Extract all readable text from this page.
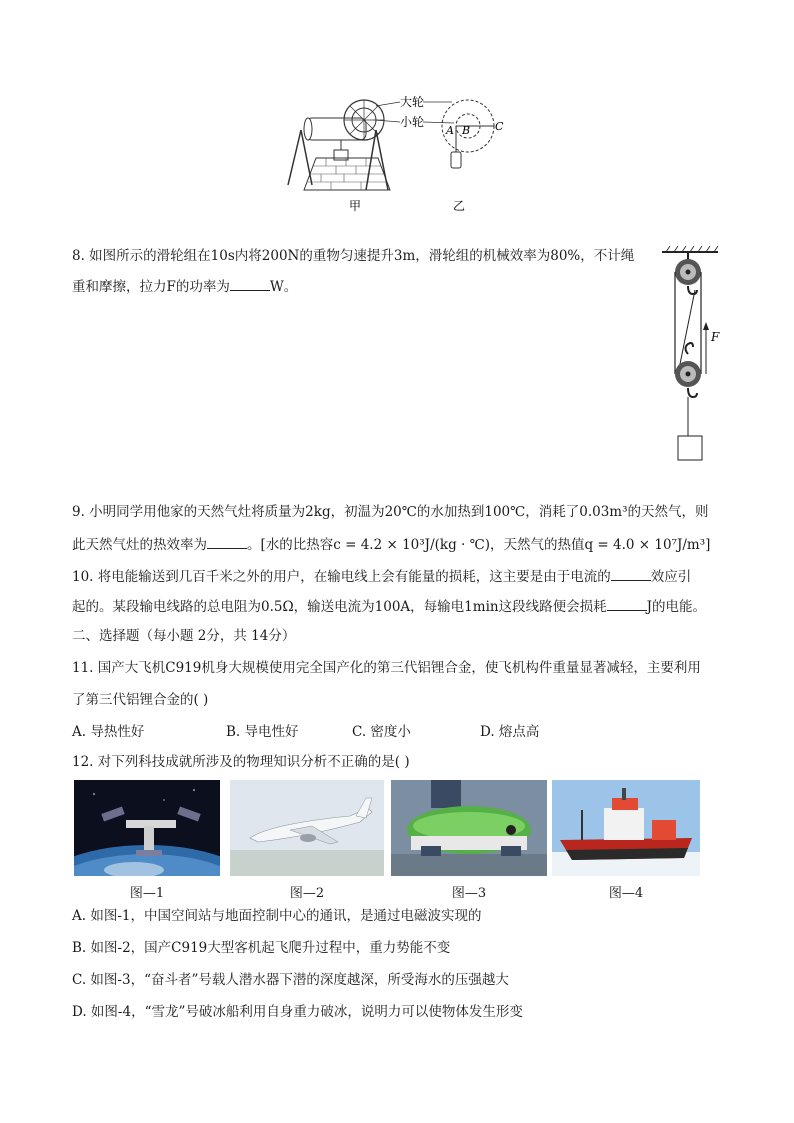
大轮
小轮
A B C
甲	乙
F
8. 如图所示的滑轮组在10s内将200N的重物匀速提升3m，滑轮组的机械效率为80%，不计绳
重和摩擦，拉力F的功率为	W。
9. 小明同学用他家的天然气灶将质量为2kg，初温为20℃的水加热到100℃，消耗了0.03m³的天然气，则
此天然气灶的热效率为	。[水的比热容c = 4.2 × 10³J/(kg · ℃)，天然气的热值q = 4.0 × 10⁷J/m³]
10. 将电能输送到几百千米之外的用户，在输电线上会有能量的损耗，这主要是由于电流的	效应引
起的。某段输电线路的总电阻为0.5Ω，输送电流为100A，每输电1min这段线路便会损耗	J的电能。
二、选择题（每小题 2分，共 14分）
11. 国产大飞机C919机身大规模使用完全国产化的第三代铝锂合金，使飞机构件重量显著减轻，主要利用
了第三代铝锂合金的( )
A. 导热性好	B. 导电性好	C. 密度小	D. 熔点高
12. 对下列科技成就所涉及的物理知识分析不正确的是( )
图—1	图—2	图—3	图—4
A. 如图-1，中国空间站与地面控制中心的通讯，是通过电磁波实现的
B. 如图-2，国产C919大型客机起飞爬升过程中，重力势能不变
C. 如图-3，“奋斗者”号载人潜水器下潜的深度越深，所受海水的压强越大
D. 如图-4，“雪龙”号破冰船利用自身重力破冰，说明力可以使物体发生形变
